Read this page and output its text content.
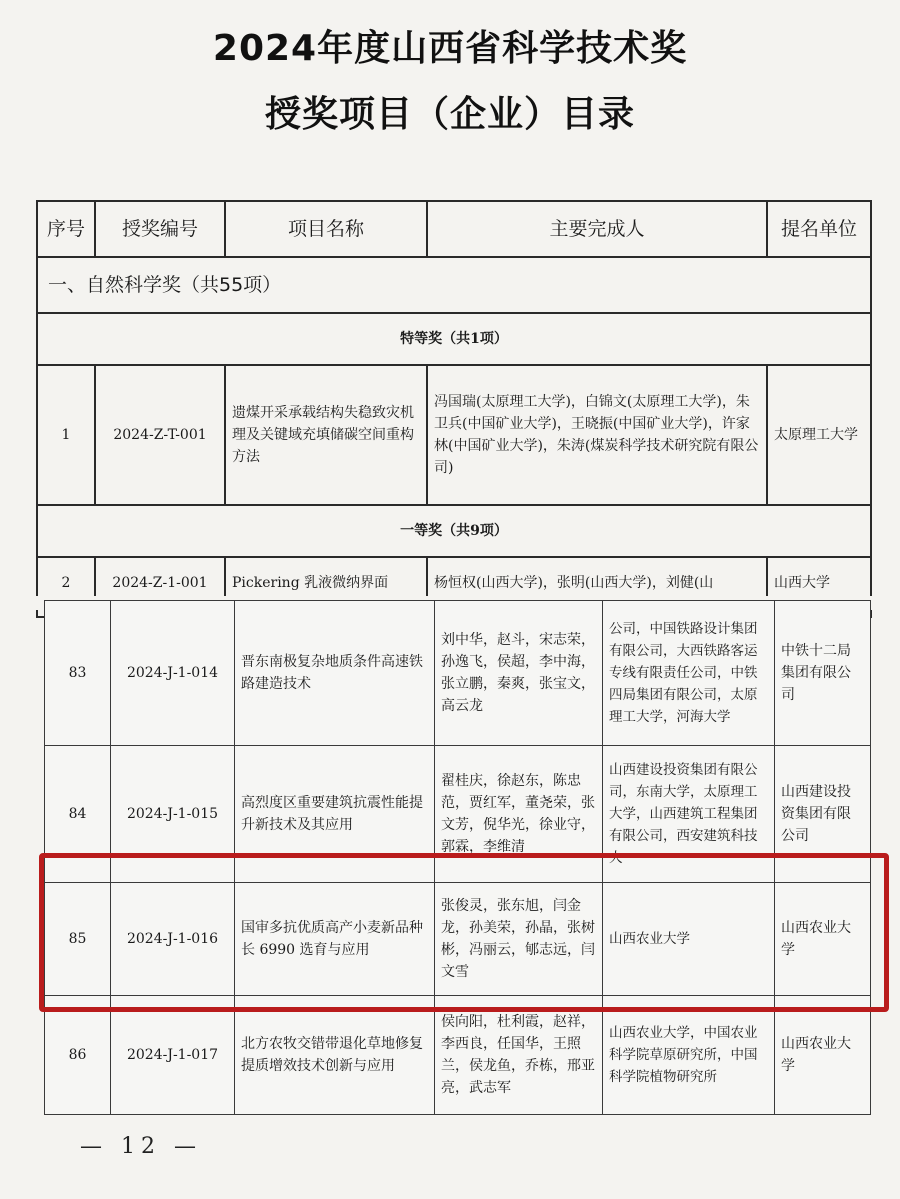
2024年度山西省科学技术奖
授奖项目（企业）目录
序号	授奖编号	项目名称	主要完成人	提名单位
一、自然科学奖（共55项）				
特等奖（共1项）				
1	2024-Z-T-001	遗煤开采承载结构失稳致灾机理及关键域充填储碳空间重构方法	冯国瑞(太原理工大学)，白锦文(太原理工大学)，朱卫兵(中国矿业大学)，王晓振(中国矿业大学)，许家林(中国矿业大学)，朱涛(煤炭科学技术研究院有限公司)	太原理工大学
一等奖（共9项）				
2	2024-Z-1-001	Pickering 乳液微纳界面	杨恒权(山西大学)，张明(山西大学)，刘健(山	山西大学
83	2024-J-1-014	晋东南极复杂地质条件高速铁路建造技术	刘中华，赵斗，宋志荣，孙逸飞，侯超，李中海，张立鹏，秦爽，张宝文，高云龙	公司，中国铁路设计集团有限公司，大西铁路客运专线有限责任公司，中铁四局集团有限公司，太原理工大学，河海大学	中铁十二局集团有限公司
84	2024-J-1-015	高烈度区重要建筑抗震性能提升新技术及其应用	翟桂庆，徐赵东，陈忠范，贾红军，董尧荣，张文芳，倪华光，徐业守，郭霖，李维清	山西建设投资集团有限公司，东南大学，太原理工大学，山西建筑工程集团有限公司，西安建筑科技大	山西建设投资集团有限公司
85	2024-J-1-016	国审多抗优质高产小麦新品种长 6990 选育与应用	张俊灵，张东旭，闫金龙，孙美荣，孙晶，张树彬，冯丽云，郇志远，闫文雪	山西农业大学	山西农业大学
86	2024-J-1-017	北方农牧交错带退化草地修复提质增效技术创新与应用	侯向阳，杜利霞，赵祥，李西良，任国华，王照兰，侯龙鱼，乔栋，邢亚亮，武志军	山西农业大学，中国农业科学院草原研究所，中国科学院植物研究所	山西农业大学
— 12 —
